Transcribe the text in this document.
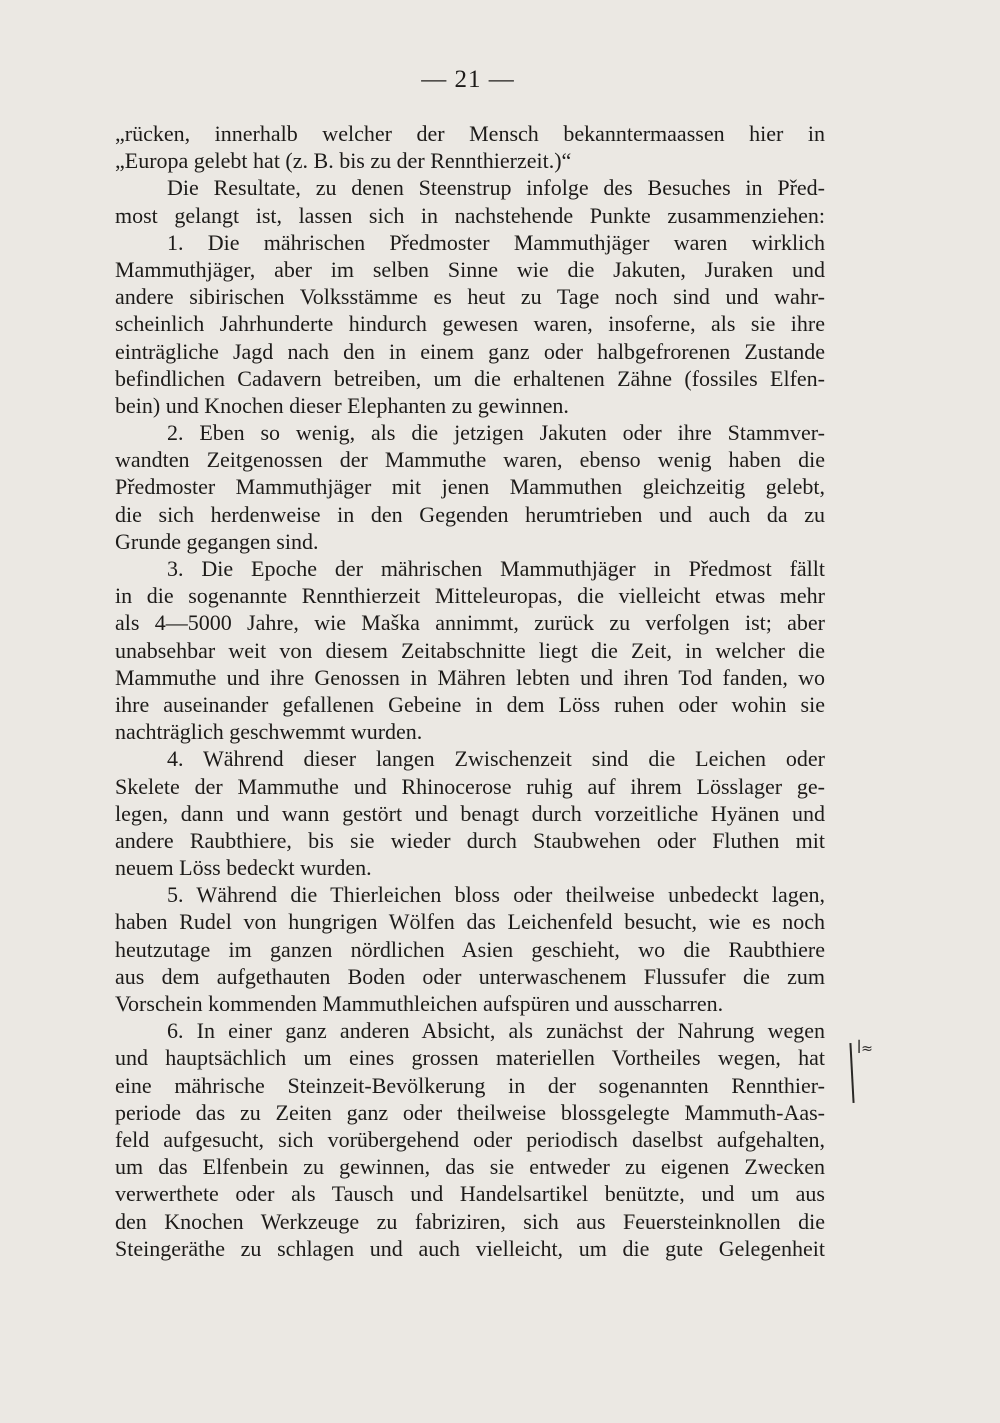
— 21 —
„rücken, innerhalb welcher der Mensch bekanntermaassen hier in
„Europa gelebt hat (z. B. bis zu der Rennthierzeit.)“
Die Resultate, zu denen Steenstrup infolge des Besuches in Před-
most gelangt ist, lassen sich in nachstehende Punkte zusammenziehen:
1. Die mährischen Předmoster Mammuthjäger waren wirklich
Mammuthjäger, aber im selben Sinne wie die Jakuten, Juraken und
andere sibirischen Volksstämme es heut zu Tage noch sind und wahr-
scheinlich Jahrhunderte hindurch gewesen waren, insoferne, als sie ihre
einträgliche Jagd nach den in einem ganz oder halbgefrorenen Zustande
befindlichen Cadavern betreiben, um die erhaltenen Zähne (fossiles Elfen-
bein) und Knochen dieser Elephanten zu gewinnen.
2. Eben so wenig, als die jetzigen Jakuten oder ihre Stammver-
wandten Zeitgenossen der Mammuthe waren, ebenso wenig haben die
Předmoster Mammuthjäger mit jenen Mammuthen gleichzeitig gelebt,
die sich herdenweise in den Gegenden herumtrieben und auch da zu
Grunde gegangen sind.
3. Die Epoche der mährischen Mammuthjäger in Předmost fällt
in die sogenannte Rennthierzeit Mitteleuropas, die vielleicht etwas mehr
als 4—5000 Jahre, wie Maška annimmt, zurück zu verfolgen ist; aber
unabsehbar weit von diesem Zeitabschnitte liegt die Zeit, in welcher die
Mammuthe und ihre Genossen in Mähren lebten und ihren Tod fanden, wo
ihre auseinander gefallenen Gebeine in dem Löss ruhen oder wohin sie
nachträglich geschwemmt wurden.
4. Während dieser langen Zwischenzeit sind die Leichen oder
Skelete der Mammuthe und Rhinocerose ruhig auf ihrem Lösslager ge-
legen, dann und wann gestört und benagt durch vorzeitliche Hyänen und
andere Raubthiere, bis sie wieder durch Staubwehen oder Fluthen mit
neuem Löss bedeckt wurden.
5. Während die Thierleichen bloss oder theilweise unbedeckt lagen,
haben Rudel von hungrigen Wölfen das Leichenfeld besucht, wie es noch
heutzutage im ganzen nördlichen Asien geschieht, wo die Raubthiere
aus dem aufgethauten Boden oder unterwaschenem Flussufer die zum
Vorschein kommenden Mammuthleichen aufspüren und ausscharren.
6. In einer ganz anderen Absicht, als zunächst der Nahrung wegen
und hauptsächlich um eines grossen materiellen Vortheiles wegen, hat
eine mährische Steinzeit-Bevölkerung in der sogenannten Rennthier-
periode das zu Zeiten ganz oder theilweise blossgelegte Mammuth-Aas-
feld aufgesucht, sich vorübergehend oder periodisch daselbst aufgehalten,
um das Elfenbein zu gewinnen, das sie entweder zu eigenen Zwecken
verwerthete oder als Tausch und Handelsartikel benützte, und um aus
den Knochen Werkzeuge zu fabriziren, sich aus Feuersteinknollen die
Steingeräthe zu schlagen und auch vielleicht, um die gute Gelegenheit
ꟾ≈
